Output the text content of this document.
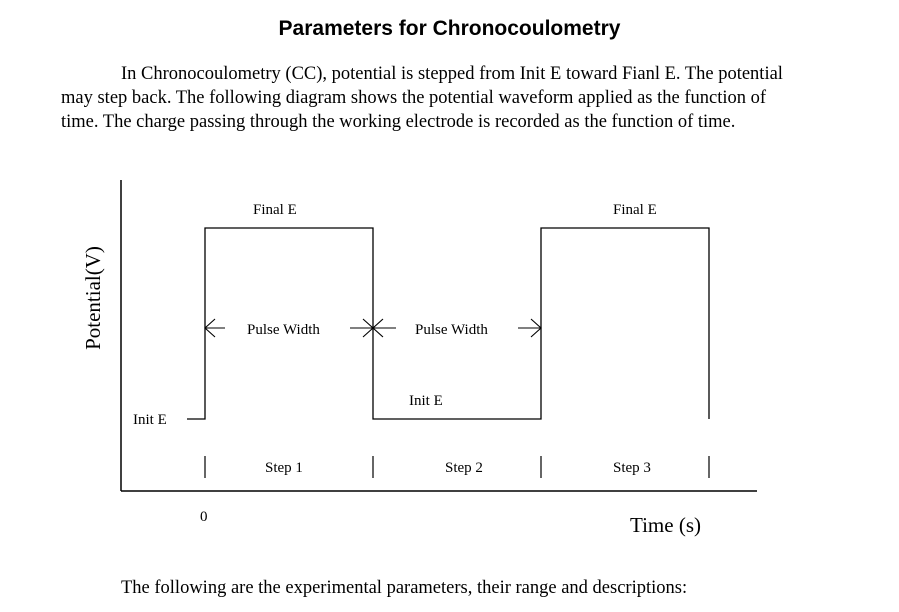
Parameters for Chronocoulometry

In Chronocoulometry (CC), potential is stepped from Init E toward Fianl E. The potential
may step back. The following diagram shows the potential waveform applied as the function of
time. The charge passing through the working electrode is recorded as the function of time.

Potential(V)
Time (s)
0
Final E	Final E
Init E
Init E
Pulse Width	Pulse Width
Step 1	Step 2	Step 3

The following are the experimental parameters, their range and descriptions:
